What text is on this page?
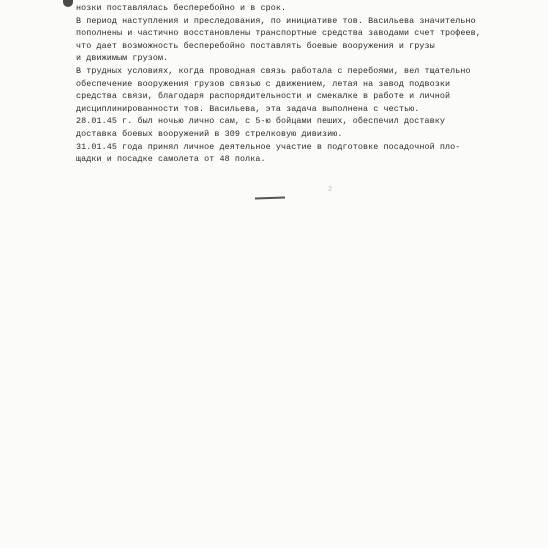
нозки поставлялась бесперебойно и в срок.
В период наступления и преследования, по инициативе тов. Васильева значительно
пополнены и частично восстановлены транспортные средства заводами счет трофеев,
что дает возможность бесперебойно поставлять боевые вооружения и грузы
и движимым грузом.
В трудных условиях, когда проводная связь работала с перебоями, вел тщательно
обеспечение вооружения грузов связью с движением, летая на завод подвозки
средства связи, благодаря распорядительности и смекалке в работе и личной
дисциплинированности тов. Васильева, эта задача выполнена с честью.
28.01.45 г. был ночью лично сам, с 5-ю бойцами пеших, обеспечил доставку
доставка боевых вооружений в 309 стрелковую дивизию.
31.01.45 года принял личное деятельное участие в подготовке посадочной пло-
щадки и посадке самолета от 48 полка.
2
